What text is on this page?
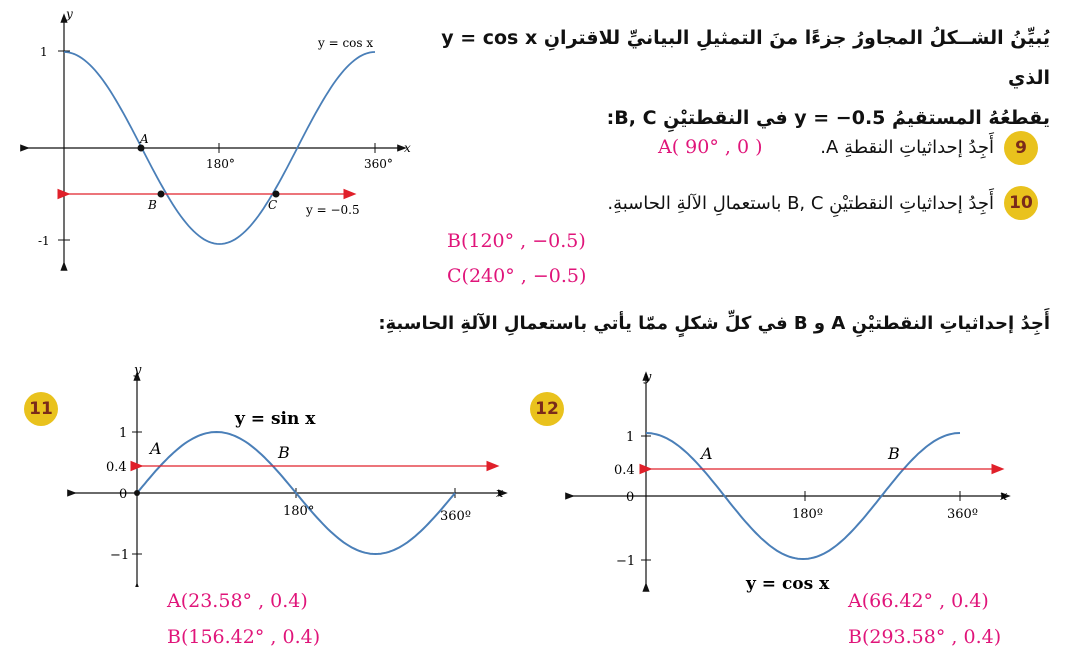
يُبيِّنُ الشــكلُ المجاورُ جزءًا منَ التمثيلِ البيانيِّ للاقترانِ y = cos x الذي
يقطعُهُ المستقيمُ y = −0.5 في النقطتيْنِ B, C:
9
أَجِدُ إحداثياتِ النقطةِ A.
A( 90° , 0 )
10
أَجِدُ إحداثياتِ النقطتيْنِ B, C باستعمالِ الآلةِ الحاسبةِ.
B(120° , −0.5)
C(240° , −0.5)
أَجِدُ إحداثياتِ النقطتيْنِ A و B في كلِّ شكلٍ ممّا يأتي باستعمالِ الآلةِ الحاسبةِ:
11	12
A(23.58° , 0.4)
B(156.42° , 0.4)
A(66.42° , 0.4)
B(293.58° , 0.4)
y
x
1
-1
180°	360°
y = cos x
y = −0.5
A
B	C
y
x
1
0.4
0
−1
180°	360º
y = sin x
A	B
y
x
1
0.4
0
−1
180º	360º
y = cos x
A	B
